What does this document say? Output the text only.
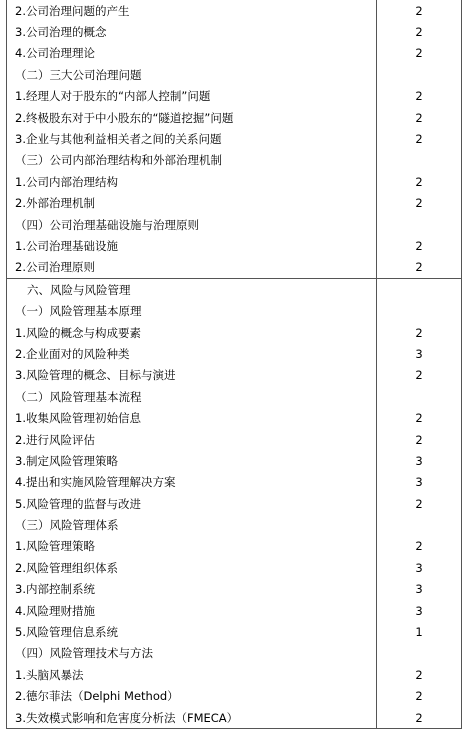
2.公司治理问题的产生	2
3.公司治理的概念	2
4.公司治理理论	2
（二）三大公司治理问题	
1.经理人对于股东的“内部人控制”问题	2
2.终极股东对于中小股东的“隧道挖掘”问题	2
3.企业与其他利益相关者之间的关系问题	2
（三）公司内部治理结构和外部治理机制	
1.公司内部治理结构	2
2.外部治理机制	2
（四）公司治理基础设施与治理原则	
1.公司治理基础设施	2
2.公司治理原则	2
六、风险与风险管理	
（一）风险管理基本原理	
1.风险的概念与构成要素	2
2.企业面对的风险种类	3
3.风险管理的概念、目标与演进	2
（二）风险管理基本流程	
1.收集风险管理初始信息	2
2.进行风险评估	2
3.制定风险管理策略	3
4.提出和实施风险管理解决方案	3
5.风险管理的监督与改进	2
（三）风险管理体系	
1.风险管理策略	2
2.风险管理组织体系	3
3.内部控制系统	3
4.风险理财措施	3
5.风险管理信息系统	1
（四）风险管理技术与方法	
1.头脑风暴法	2
2.德尔菲法（Delphi Method）	2
3.失效模式影响和危害度分析法（FMECA）	2
